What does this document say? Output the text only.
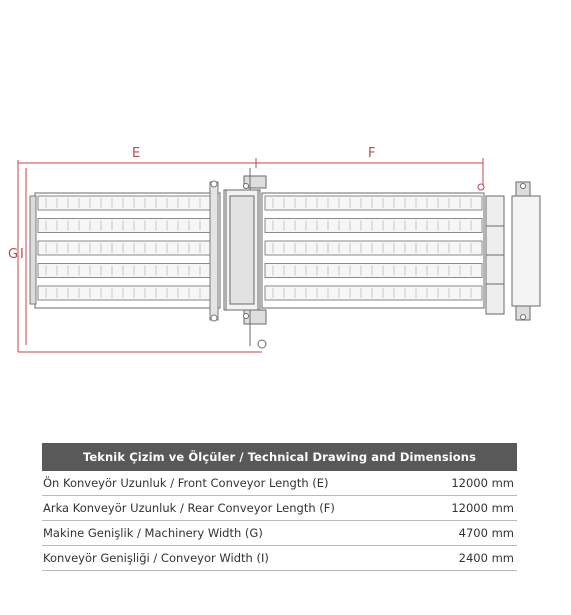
E	F
G I
Teknik Çizim ve Ölçüler / Technical Drawing and Dimensions
Ön Konveyör Uzunluk / Front Conveyor Length (E)	12000 mm
Arka Konveyör Uzunluk / Rear Conveyor Length (F)	12000 mm
Makine Genişlik / Machinery Width (G)	4700 mm
Konveyör Genişliği / Conveyor Width (I)	2400 mm
